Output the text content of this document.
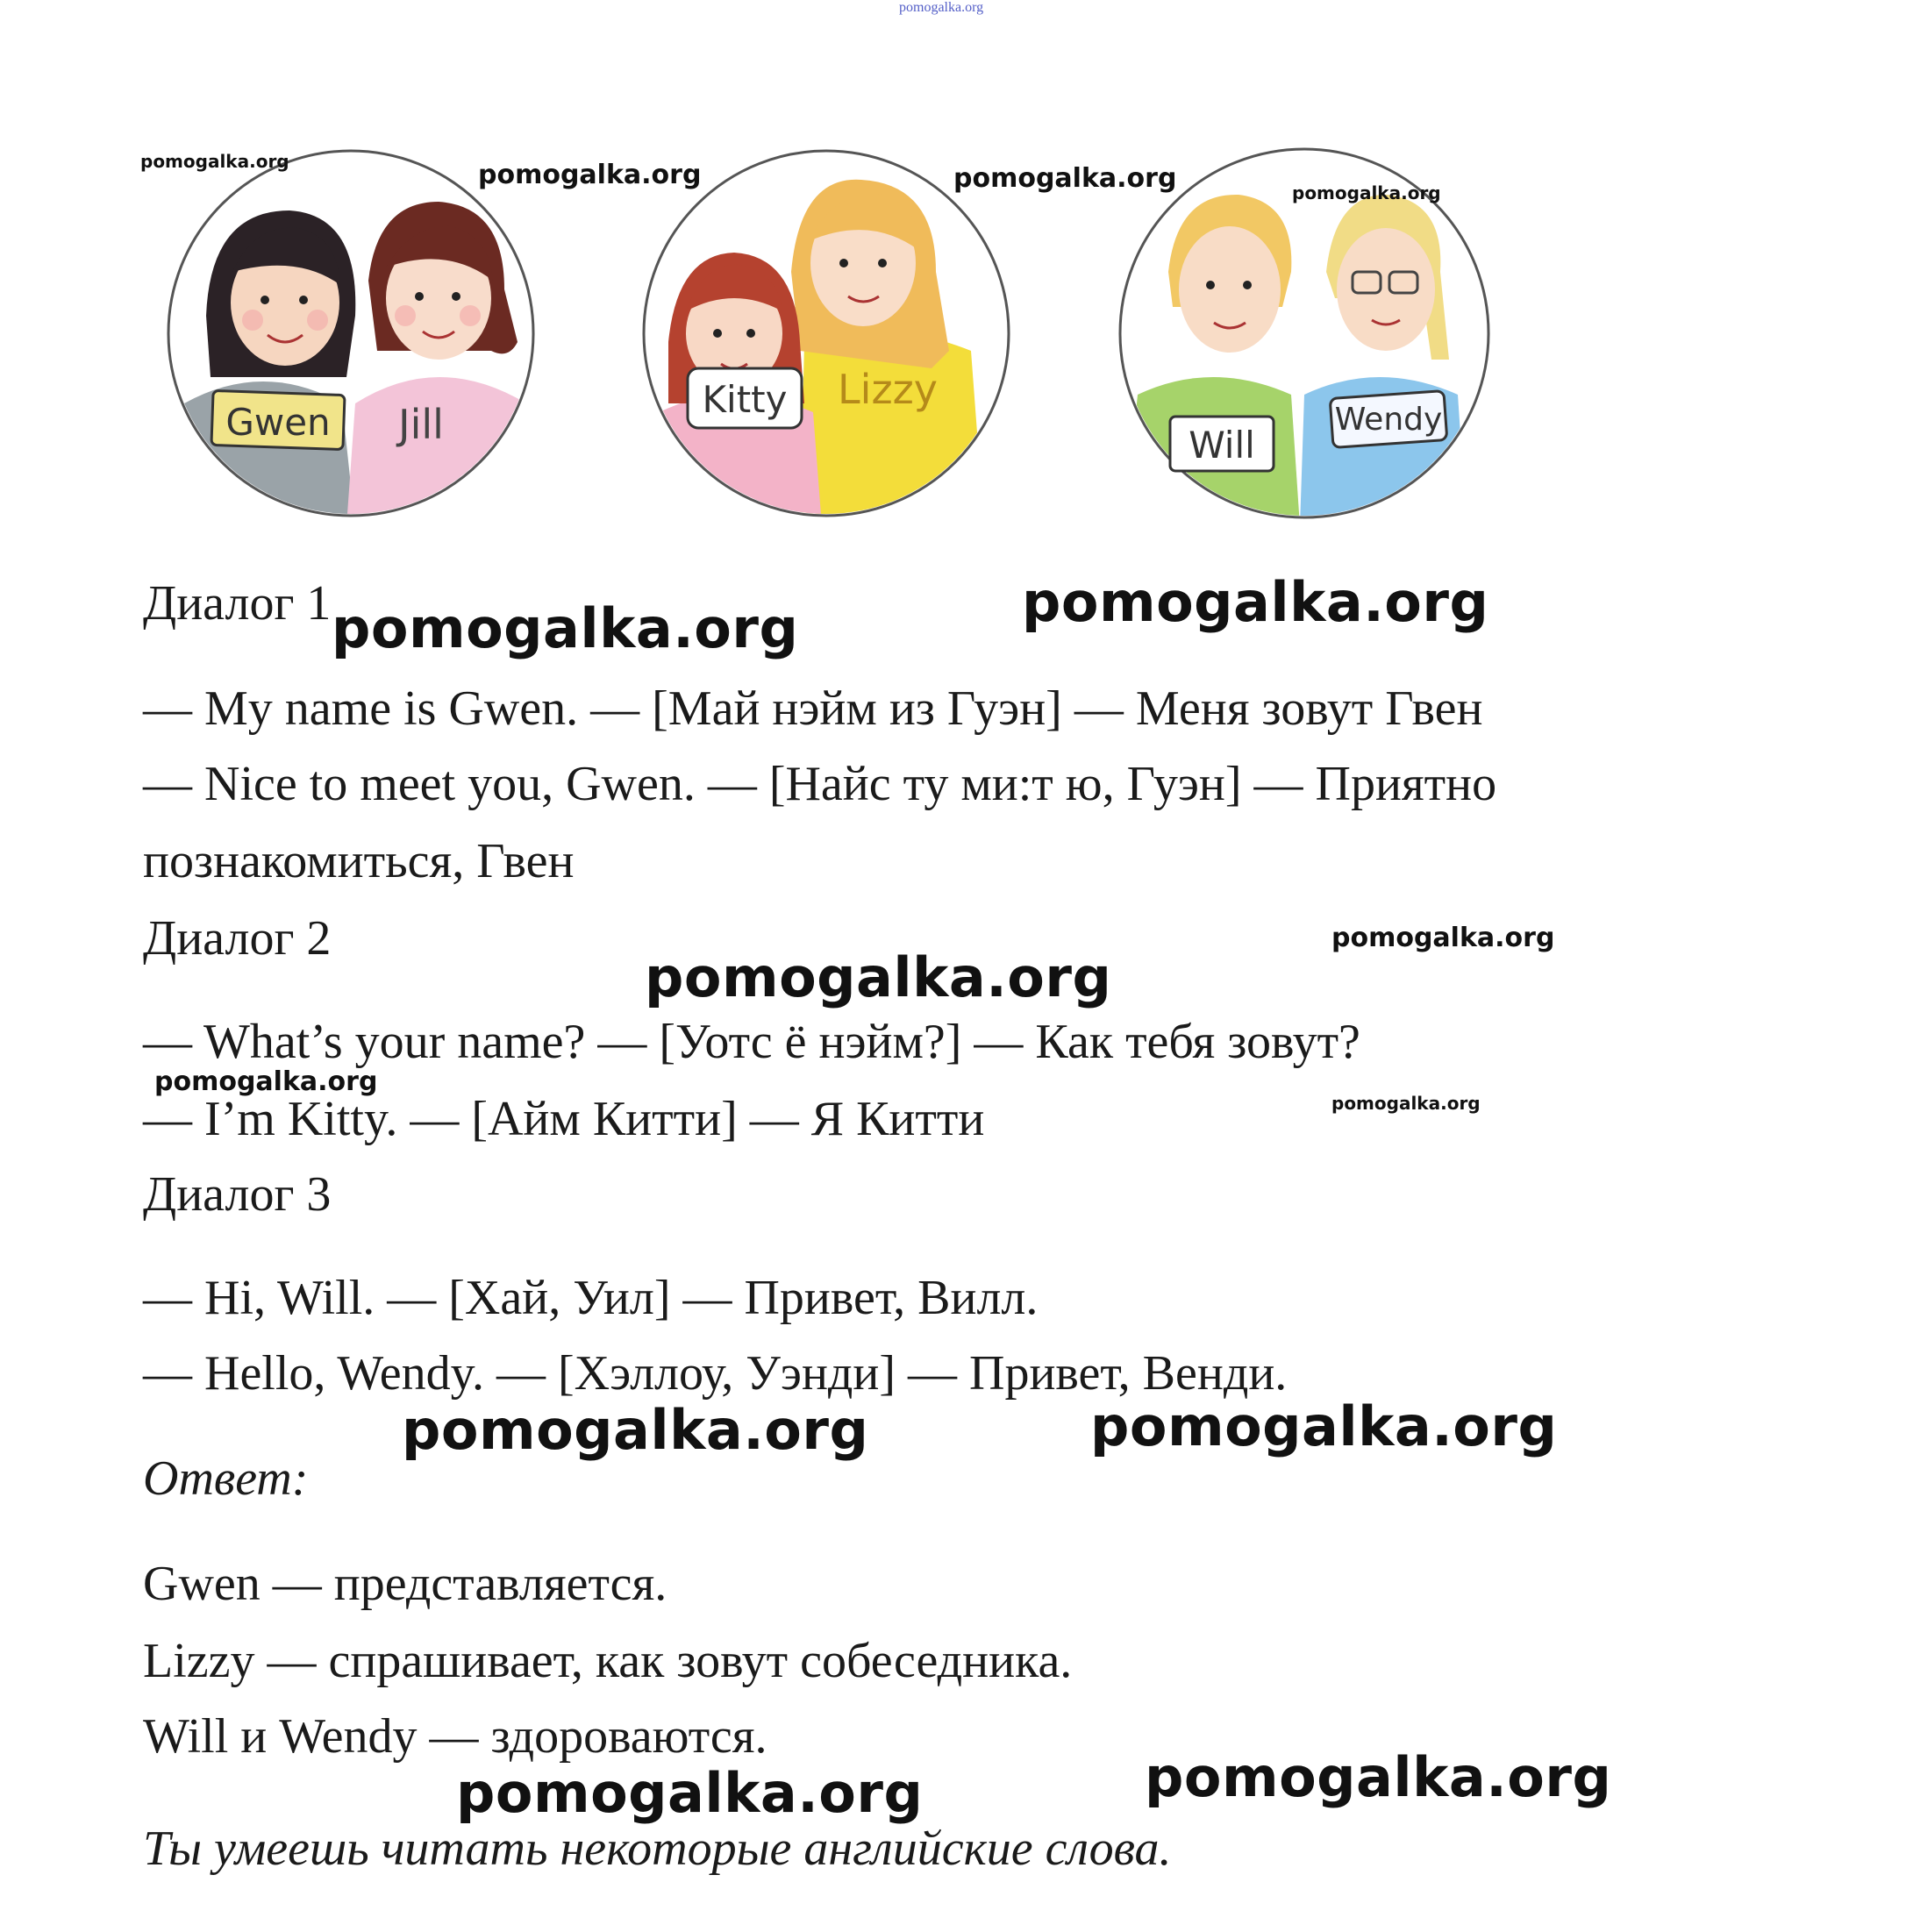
pomogalka.org
Gwen Jill
Kitty Lizzy
Will
Wendy
pomogalka.org	pomogalka.org	pomogalka.org	pomogalka.org
Диалог 1 pomogalka.org	pomogalka.org
— My name is Gwen. — [Май нэйм из Гуэн] — Меня зовут Гвен
— Nice to meet you, Gwen. — [Найс ту ми:т ю, Гуэн] — Приятно
познакомиться, Гвен
Диалог 2	pomogalka.org
pomogalka.org
— What’s your name? — [Уотс ё нэйм?] — Как тебя зовут?
pomogalka.org
pomogalka.org
— I’m Kitty. — [Айм Китти] — Я Китти
Диалог 3
— Hi, Will. — [Хай, Уил] — Привет, Вилл.
— Hello, Wendy. — [Хэллоу, Уэнди] — Привет, Венди.
pomogalka.org	pomogalka.org
Ответ:
Gwen — представляется.
Lizzy — спрашивает, как зовут собеседника.
Will и Wendy — здороваются.
pomogalka.org	pomogalka.org
Ты умеешь читать некоторые английские слова.
